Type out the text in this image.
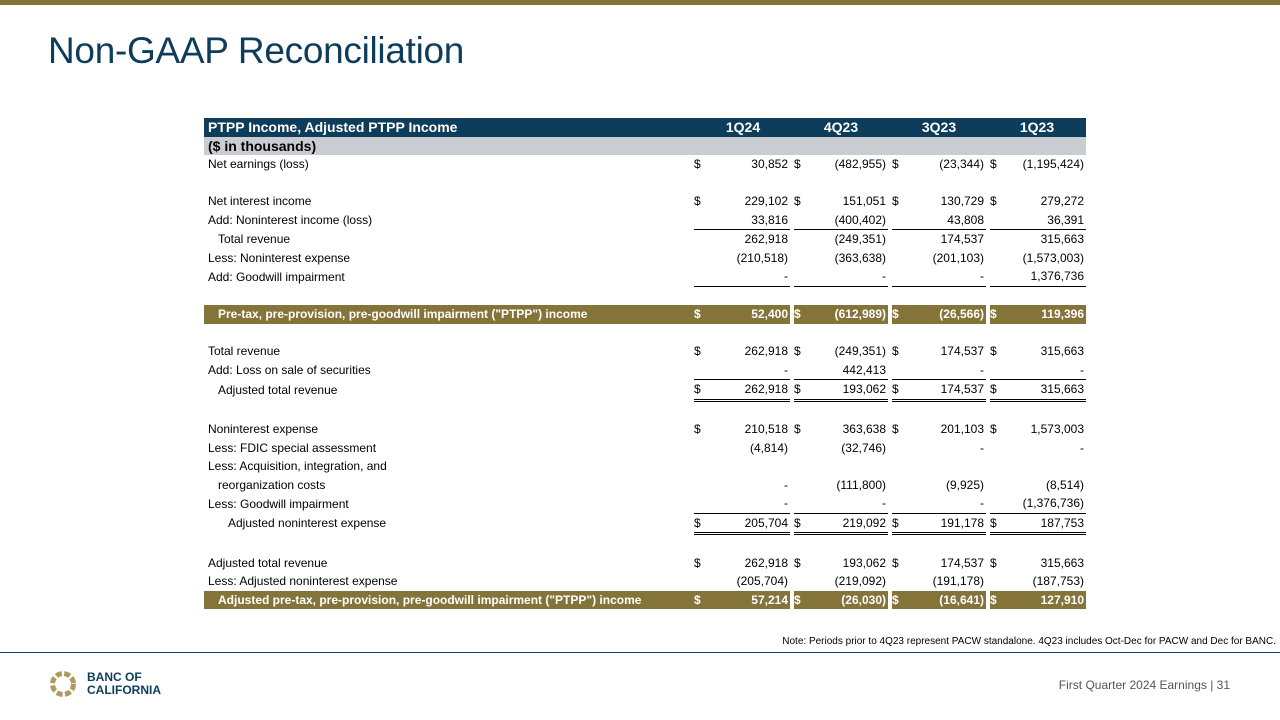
Non-GAAP Reconciliation
PTPP Income, Adjusted PTPP Income	1Q24		4Q23		3Q23		1Q23	
($ in thousands)								
Net earnings (loss)	$	30,852	$	(482,955)	$	(23,344)	$	(1,195,424)

Net interest income	$	229,102	$	151,051	$	130,729	$	279,272
Add: Noninterest income (loss)		33,816		(400,402)		43,808		36,391
Total revenue		262,918		(249,351)		174,537		315,663
Less: Noninterest expense		(210,518)		(363,638)		(201,103)		(1,573,003)
Add: Goodwill impairment		-		-		-		1,376,736

Pre-tax, pre-provision, pre-goodwill impairment ("PTPP") income	$	52,400	$	(612,989)	$	(26,566)	$	119,396

Total revenue	$	262,918	$	(249,351)	$	174,537	$	315,663
Add: Loss on sale of securities		-		442,413		-		-
Adjusted total revenue	$	262,918	$	193,062	$	174,537	$	315,663

Noninterest expense	$	210,518	$	363,638	$	201,103	$	1,573,003
Less: FDIC special assessment		(4,814)		(32,746)		-		-
Less: Acquisition, integration, and								
reorganization costs		-		(111,800)		(9,925)		(8,514)
Less: Goodwill impairment		-		-		-		(1,376,736)
Adjusted noninterest expense	$	205,704	$	219,092	$	191,178	$	187,753

Adjusted total revenue	$	262,918	$	193,062	$	174,537	$	315,663
Less: Adjusted noninterest expense		(205,704)		(219,092)		(191,178)		(187,753)
Adjusted pre-tax, pre-provision, pre-goodwill impairment ("PTPP") income	$	57,214	$	(26,030)	$	(16,641)	$	127,910
Note: Periods prior to 4Q23 represent PACW standalone. 4Q23 includes Oct-Dec for PACW and Dec for BANC.
BANC OF
CALIFORNIA	First Quarter 2024 Earnings | 31
